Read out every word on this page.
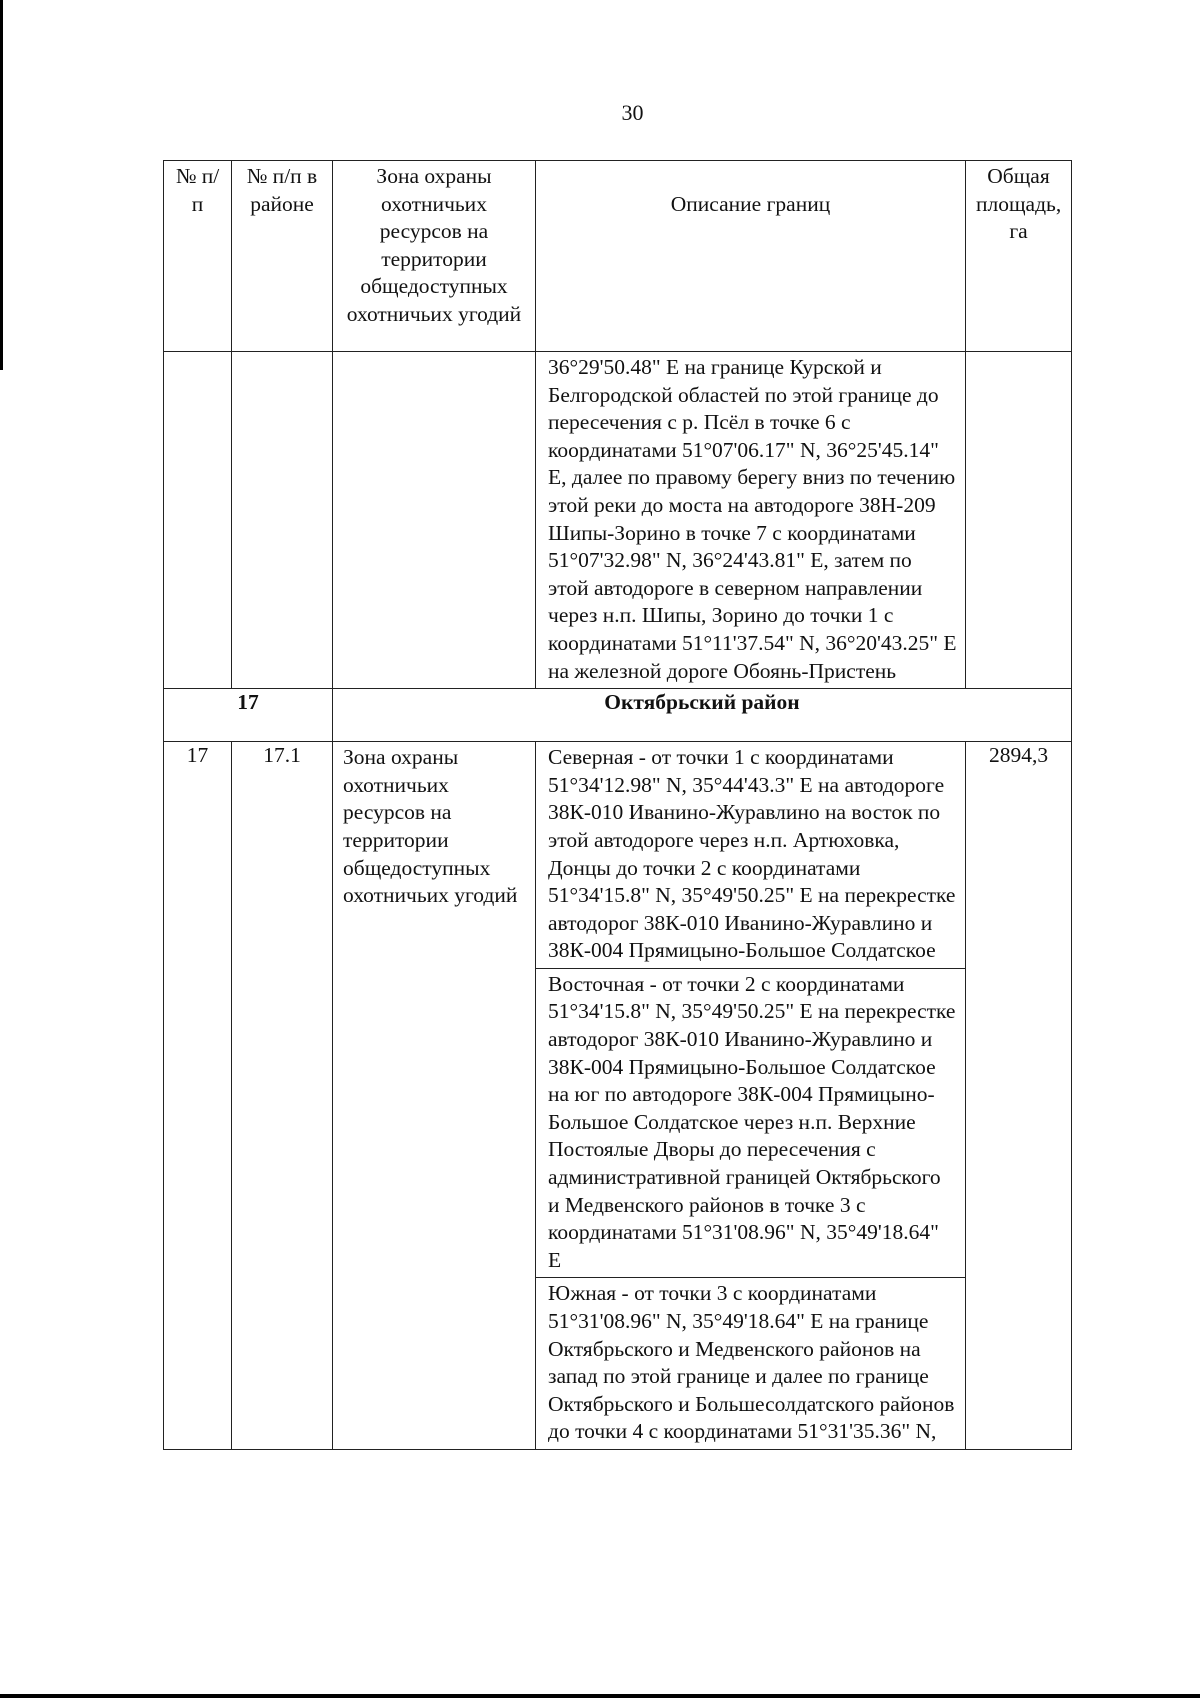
30
№ п/п	№ п/п в районе	Зона охраны охотничьих ресурсов на территории общедоступных охотничьих угодий	Описание границ	Общая площадь, га

			36°29'50.48" E на границе Курской и Белгородской областей по этой границе до пересечения с р. Псёл в точке 6 с координатами 51°07'06.17" N, 36°25'45.14" E, далее по правому берегу вниз по течению этой реки до моста на автодороге 38Н-209 Шипы-Зорино в точке 7 с координатами 51°07'32.98" N, 36°24'43.81" E, затем по этой автодороге в северном направлении через н.п. Шипы, Зорино до точки 1 с координатами 51°11'37.54" N, 36°20'43.25" E на железной дороге Обоянь-Пристень	

17		Октябрьский район		
17	17.1	Зона охраны охотничьих ресурсов на территории общедоступных охотничьих угодий	Северная - от точки 1 с координатами 51°34'12.98" N, 35°44'43.3" E на автодороге 38К-010 Иванино-Журавлино на восток по этой автодороге через н.п. Артюховка, Донцы до точки 2 с координатами 51°34'15.8" N, 35°49'50.25" E на перекрестке автодорог 38К-010 Иванино-Журавлино и 38К-004 Прямицыно-Большое Солдатское
Восточная - от точки 2 с координатами 51°34'15.8" N, 35°49'50.25" E на перекрестке автодорог 38К-010 Иванино-Журавлино и 38К-004 Прямицыно-Большое Солдатское на юг по автодороге 38К-004 Прямицыно-Большое Солдатское через н.п. Верхние Постоялые Дворы до пересечения с административной границей Октябрьского и Медвенского районов в точке 3 с координатами 51°31'08.96" N, 35°49'18.64" E
Южная - от точки 3 с координатами 51°31'08.96" N, 35°49'18.64" E на границе Октябрьского и Медвенского районов на запад по этой границе и далее по границе Октябрьского и Большесолдатского районов до точки 4 с координатами 51°31'35.36" N,	2894,3
